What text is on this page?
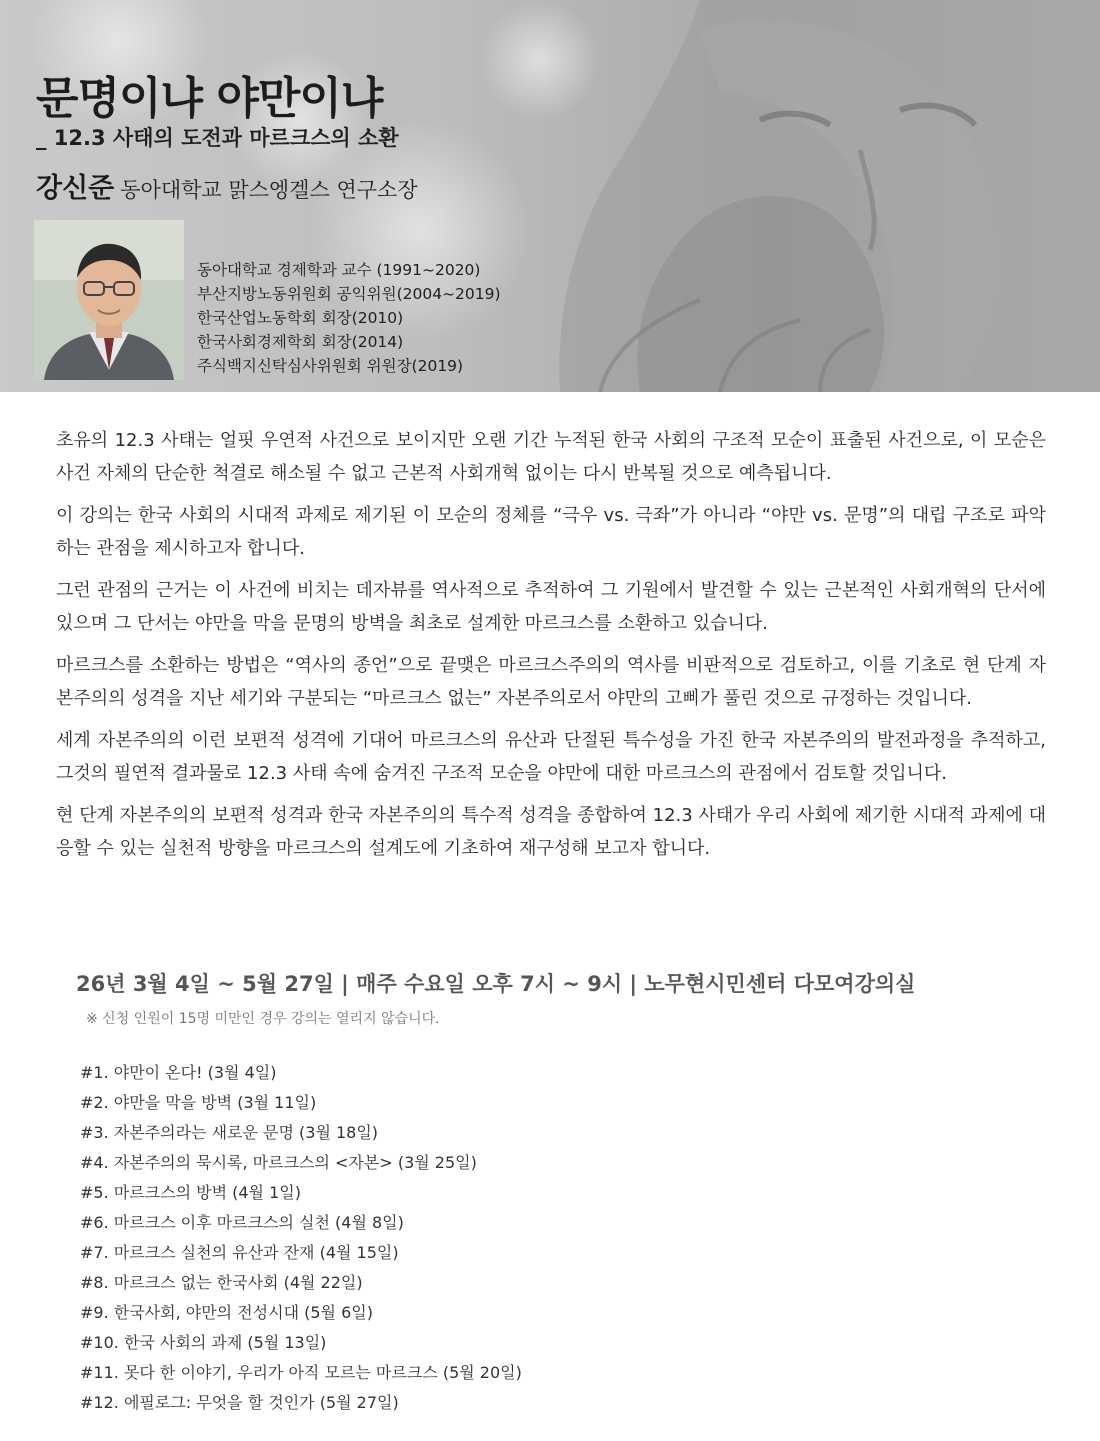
문명이냐 야만이냐
_ 12.3 사태의 도전과 마르크스의 소환
강신준 동아대학교 맑스엥겔스 연구소장
동아대학교 경제학과 교수 (1991~2020)
부산지방노동위원회 공익위원(2004~2019)
한국산업노동학회 회장(2010)
한국사회경제학회 회장(2014)
주식백지신탁심사위원회 위원장(2019)

초유의 12.3 사태는 얼핏 우연적 사건으로 보이지만 오랜 기간 누적된 한국 사회의 구조적 모순이 표출된 사건으로, 이 모순은 사건 자체의 단순한 척결로 해소될 수 없고 근본적 사회개혁 없이는 다시 반복될 것으로 예측됩니다.

이 강의는 한국 사회의 시대적 과제로 제기된 이 모순의 정체를 “극우 vs. 극좌”가 아니라 “야만 vs. 문명”의 대립 구조로 파악하는 관점을 제시하고자 합니다.

그런 관점의 근거는 이 사건에 비치는 데자뷰를 역사적으로 추적하여 그 기원에서 발견할 수 있는 근본적인 사회개혁의 단서에 있으며 그 단서는 야만을 막을 문명의 방벽을 최초로 설계한 마르크스를 소환하고 있습니다.

마르크스를 소환하는 방법은 “역사의 종언”으로 끝맺은 마르크스주의의 역사를 비판적으로 검토하고, 이를 기초로 현 단계 자본주의의 성격을 지난 세기와 구분되는 “마르크스 없는” 자본주의로서 야만의 고삐가 풀린 것으로 규정하는 것입니다.

세계 자본주의의 이런 보편적 성격에 기대어 마르크스의 유산과 단절된 특수성을 가진 한국 자본주의의 발전과정을 추적하고, 그것의 필연적 결과물로 12.3 사태 속에 숨겨진 구조적 모순을 야만에 대한 마르크스의 관점에서 검토할 것입니다.

현 단계 자본주의의 보편적 성격과 한국 자본주의의 특수적 성격을 종합하여 12.3 사태가 우리 사회에 제기한 시대적 과제에 대응할 수 있는 실천적 방향을 마르크스의 설계도에 기초하여 재구성해 보고자 합니다.

26년 3월 4일 ~ 5월 27일 | 매주 수요일 오후 7시 ~ 9시 | 노무현시민센터 다모여강의실
※ 신청 인원이 15명 미만인 경우 강의는 열리지 않습니다.
#1. 야만이 온다! (3월 4일)
#2. 야만을 막을 방벽 (3월 11일)
#3. 자본주의라는 새로운 문명 (3월 18일)
#4. 자본주의의 묵시록, 마르크스의 <자본> (3월 25일)
#5. 마르크스의 방벽 (4월 1일)
#6. 마르크스 이후 마르크스의 실천 (4월 8일)
#7. 마르크스 실천의 유산과 잔재 (4월 15일)
#8. 마르크스 없는 한국사회 (4월 22일)
#9. 한국사회, 야만의 전성시대 (5월 6일)
#10. 한국 사회의 과제 (5월 13일)
#11. 못다 한 이야기, 우리가 아직 모르는 마르크스 (5월 20일)
#12. 에필로그: 무엇을 할 것인가 (5월 27일)
